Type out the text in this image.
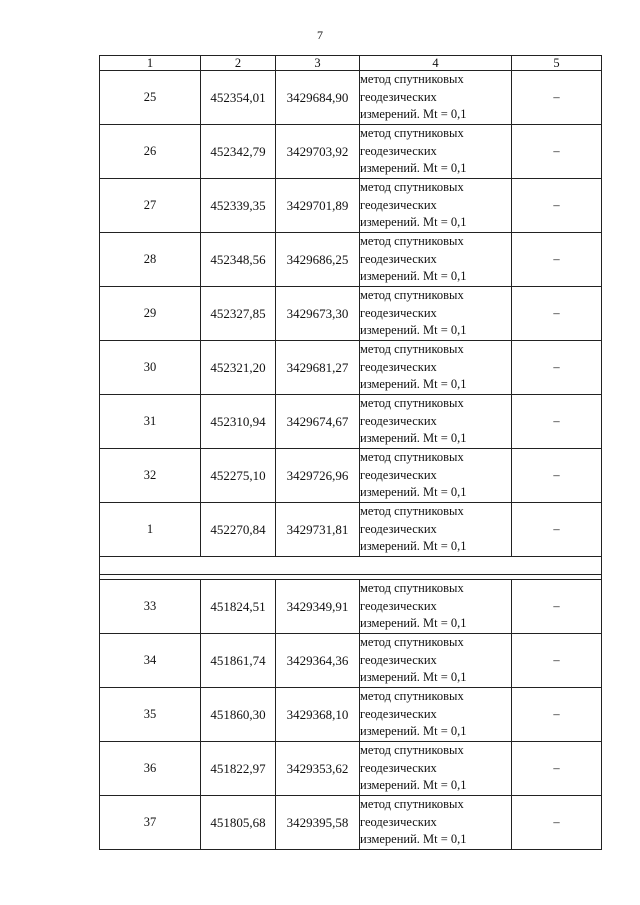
7
1	2	3	4	5
25	452354,01	3429684,90	метод спутниковых
геодезических
измерений. Mt = 0,1	–
26	452342,79	3429703,92	метод спутниковых
геодезических
измерений. Mt = 0,1	–
27	452339,35	3429701,89	метод спутниковых
геодезических
измерений. Mt = 0,1	–
28	452348,56	3429686,25	метод спутниковых
геодезических
измерений. Mt = 0,1	–
29	452327,85	3429673,30	метод спутниковых
геодезических
измерений. Mt = 0,1	–
30	452321,20	3429681,27	метод спутниковых
геодезических
измерений. Mt = 0,1	–
31	452310,94	3429674,67	метод спутниковых
геодезических
измерений. Mt = 0,1	–
32	452275,10	3429726,96	метод спутниковых
геодезических
измерений. Mt = 0,1	–
1	452270,84	3429731,81	метод спутниковых
геодезических
измерений. Mt = 0,1	–

33	451824,51	3429349,91	метод спутниковых
геодезических
измерений. Mt = 0,1	–
34	451861,74	3429364,36	метод спутниковых
геодезических
измерений. Mt = 0,1	–
35	451860,30	3429368,10	метод спутниковых
геодезических
измерений. Mt = 0,1	–
36	451822,97	3429353,62	метод спутниковых
геодезических
измерений. Mt = 0,1	–
37	451805,68	3429395,58	метод спутниковых
геодезических
измерений. Mt = 0,1	–
